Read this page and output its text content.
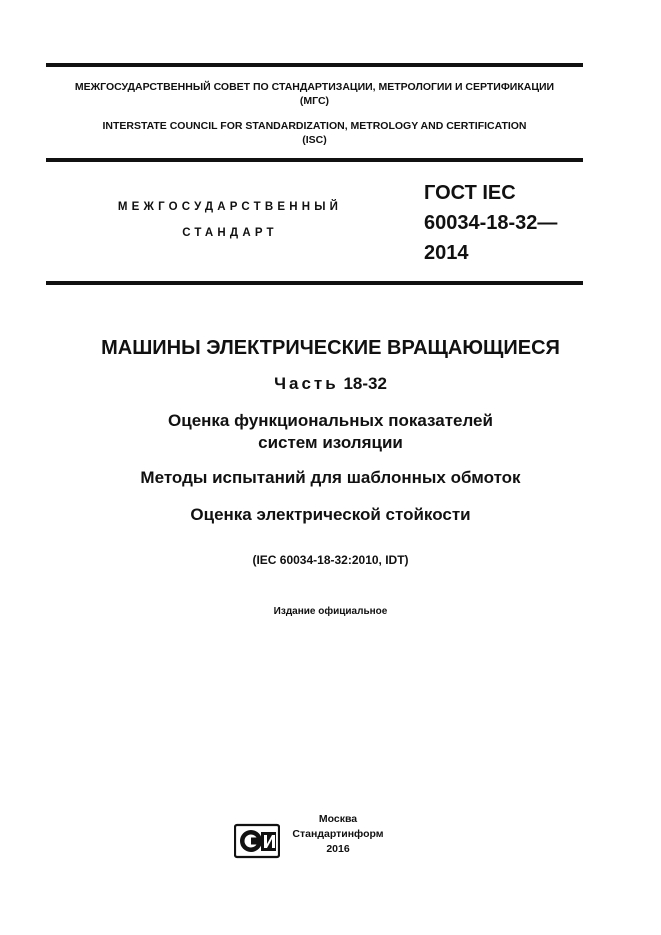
МЕЖГОСУДАРСТВЕННЫЙ СОВЕТ ПО СТАНДАРТИЗАЦИИ, МЕТРОЛОГИИ И СЕРТИФИКАЦИИ
(МГС)
INTERSTATE COUNCIL FOR STANDARDIZATION, METROLOGY AND CERTIFICATION
(ISC)
МЕЖГОСУДАРСТВЕННЫЙ
СТАНДАРТ
ГОСТ IEC
60034-18-32—
2014
МАШИНЫ ЭЛЕКТРИЧЕСКИЕ ВРАЩАЮЩИЕСЯ
Часть 18-32
Оценка функциональных показателей
систем изоляции
Методы испытаний для шаблонных обмоток
Оценка электрической стойкости
(IEC 60034-18-32:2010, IDT)
Издание официальное
Москва
Стандартинформ
2016
